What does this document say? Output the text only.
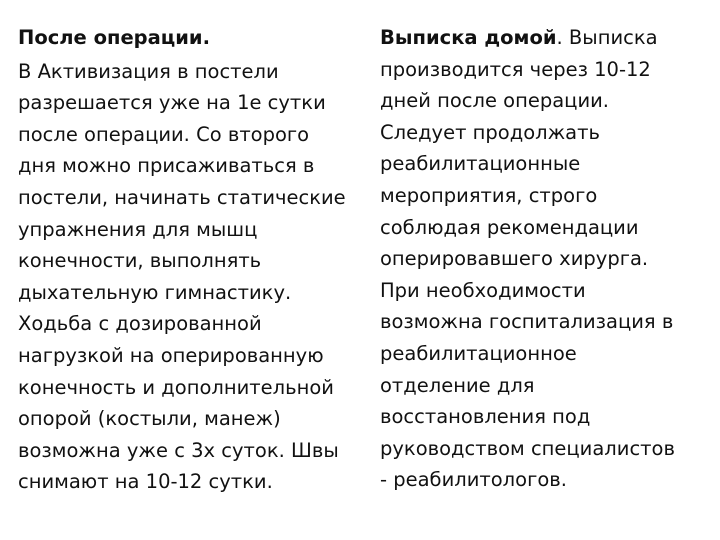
После операции.
В Активизация в постели
разрешается уже на 1е сутки
после операции. Со второго
дня можно присаживаться в
постели, начинать статические
упражнения для мышц
конечности, выполнять
дыхательную гимнастику.
Ходьба с дозированной
нагрузкой на оперированную
конечность и дополнительной
опорой (костыли, манеж)
возможна уже с 3х суток. Швы
снимают на 10-12 сутки.
Выписка домой. Выписка
производится через 10-12
дней после операции.
Следует продолжать
реабилитационные
мероприятия, строго
соблюдая рекомендации
оперировавшего хирурга.
При необходимости
возможна госпитализация в
реабилитационное
отделение для
восстановления под
руководством специалистов
- реабилитологов.
